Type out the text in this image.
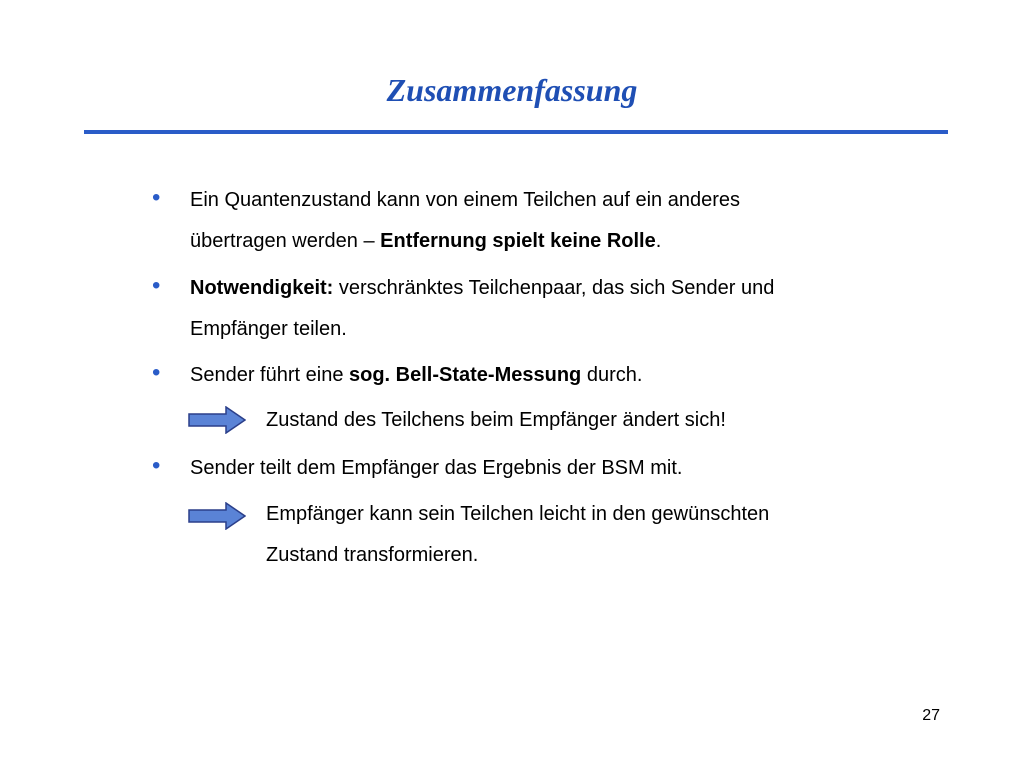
Zusammenfassung
• Ein Quantenzustand kann von einem Teilchen auf ein anderes
übertragen werden – Entfernung spielt keine Rolle.
• Notwendigkeit: verschränktes Teilchenpaar, das sich Sender und
Empfänger teilen.
• Sender führt eine sog. Bell-State-Messung durch.
Zustand des Teilchens beim Empfänger ändert sich!
• Sender teilt dem Empfänger das Ergebnis der BSM mit.
Empfänger kann sein Teilchen leicht in den gewünschten
Zustand transformieren.
27
